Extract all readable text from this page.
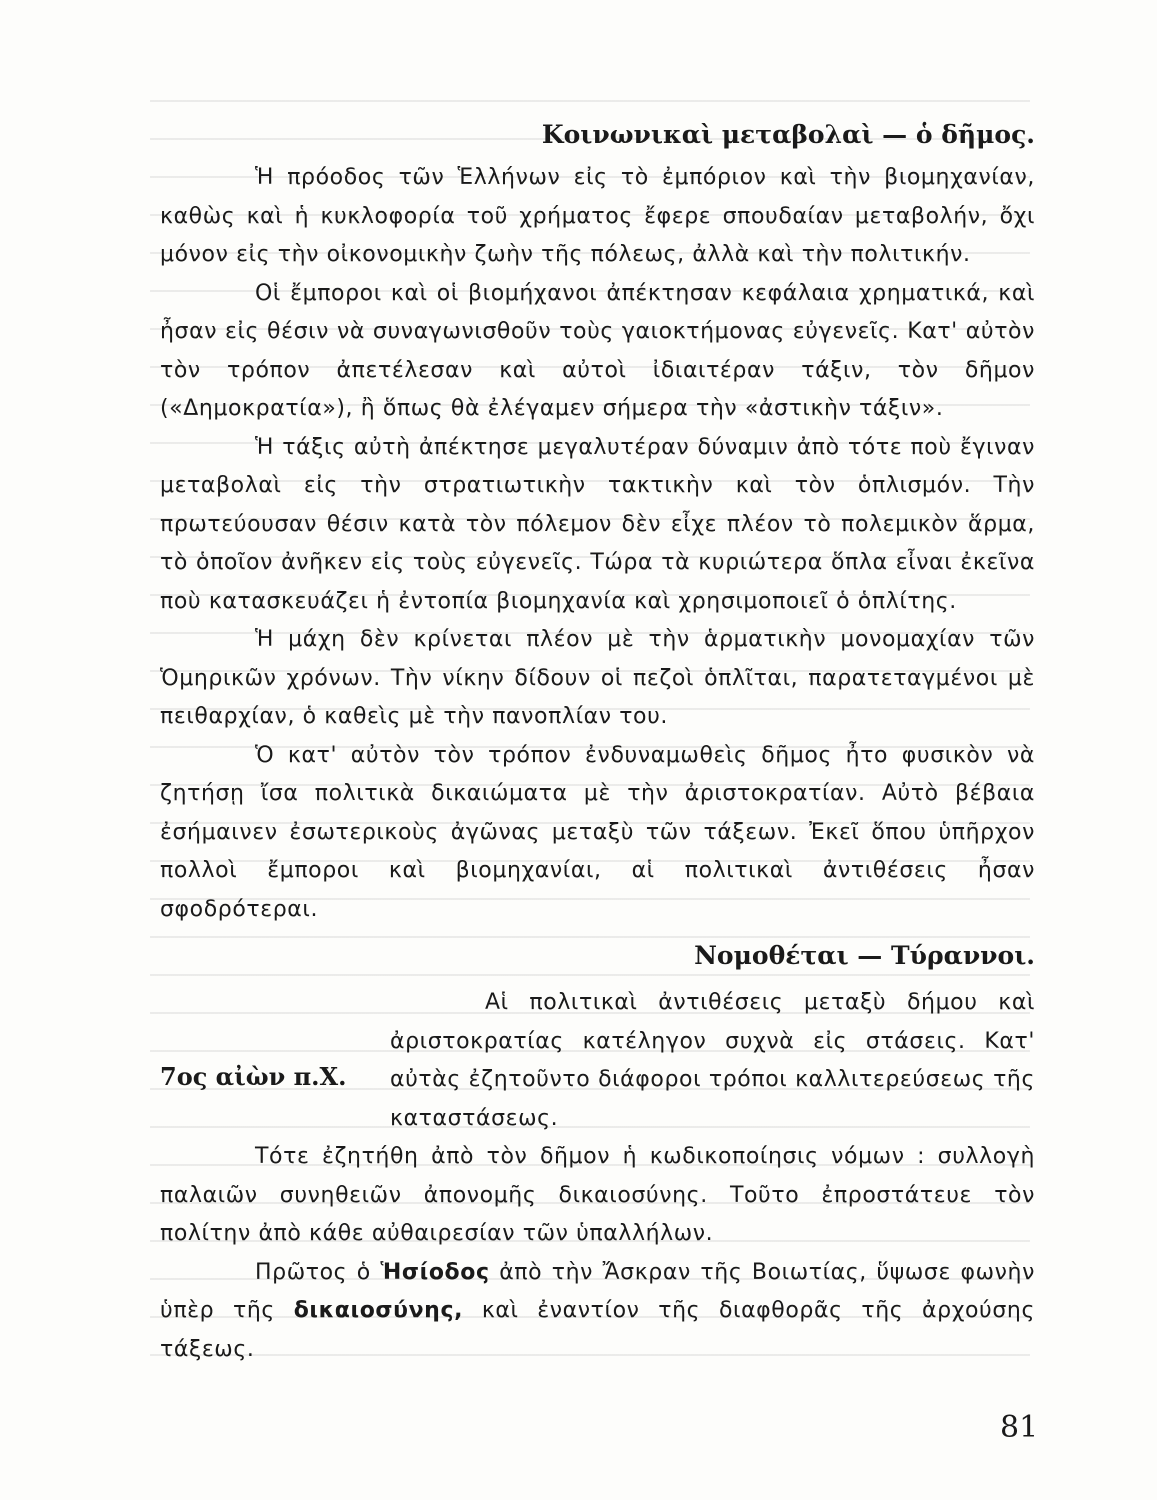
Κοινωνικαὶ μεταβολαὶ — ὁ δῆμος.

Ἡ πρόοδος τῶν Ἑλλήνων εἰς τὸ ἐμπόριον καὶ τὴν βιομηχανίαν, καθὼς καὶ ἡ κυκλοφορία τοῦ χρήματος ἔφερε σπουδαίαν μεταβολήν, ὄχι μόνον εἰς τὴν οἰκονομικὴν ζωὴν τῆς πόλεως, ἀλλὰ καὶ τὴν πολιτικήν.

Οἱ ἔμποροι καὶ οἱ βιομήχανοι ἀπέκτησαν κεφάλαια χρηματικά, καὶ ἦσαν εἰς θέσιν νὰ συναγωνισθοῦν τοὺς γαιοκτήμονας εὐγενεῖς. Κατ' αὐτὸν τὸν τρόπον ἀπετέλεσαν καὶ αὐτοὶ ἰδιαιτέραν τάξιν, τὸν δῆμον («Δημοκρατία»), ἢ ὅπως θὰ ἐλέγαμεν σήμερα τὴν «ἀστικὴν τάξιν».

Ἡ τάξις αὐτὴ ἀπέκτησε μεγαλυτέραν δύναμιν ἀπὸ τότε ποὺ ἔγιναν μεταβολαὶ εἰς τὴν στρατιωτικὴν τακτικὴν καὶ τὸν ὁπλισμόν. Τὴν πρωτεύουσαν θέσιν κατὰ τὸν πόλεμον δὲν εἶχε πλέον τὸ πολεμικὸν ἅρμα, τὸ ὁποῖον ἀνῆκεν εἰς τοὺς εὐγενεῖς. Τώρα τὰ κυριώτερα ὅπλα εἶναι ἐκεῖνα ποὺ κατασκευάζει ἡ ἐντοπία βιομηχανία καὶ χρησιμοποιεῖ ὁ ὁπλίτης.

Ἡ μάχη δὲν κρίνεται πλέον μὲ τὴν ἁρματικὴν μονομαχίαν τῶν Ὁμηρικῶν χρόνων. Τὴν νίκην δίδουν οἱ πεζοὶ ὁπλῖται, παρατεταγμένοι μὲ πειθαρχίαν, ὁ καθεὶς μὲ τὴν πανοπλίαν του.

Ὁ κατ' αὐτὸν τὸν τρόπον ἐνδυναμωθεὶς δῆμος ἦτο φυσικὸν νὰ ζητήσῃ ἴσα πολιτικὰ δικαιώματα μὲ τὴν ἀριστοκρατίαν. Αὐτὸ βέβαια ἐσήμαινεν ἐσωτερικοὺς ἀγῶνας μεταξὺ τῶν τάξεων. Ἐκεῖ ὅπου ὑπῆρχον πολλοὶ ἔμποροι καὶ βιομηχανίαι, αἱ πολιτικαὶ ἀντιθέσεις ἦσαν σφοδρότεραι.

Νομοθέται — Τύραννοι.
7ος αἰὼν π.Χ.

Αἱ πολιτικαὶ ἀντιθέσεις μεταξὺ δήμου καὶ ἀριστοκρατίας κατέληγον συχνὰ εἰς στάσεις. Κατ' αὐτὰς ἐζητοῦντο διάφοροι τρόποι καλλιτερεύσεως τῆς καταστάσεως.

Τότε ἐζητήθη ἀπὸ τὸν δῆμον ἡ κωδικοποίησις νόμων : συλλογὴ παλαιῶν συνηθειῶν ἀπονομῆς δικαιοσύνης. Τοῦτο ἐπροστάτευε τὸν πολίτην ἀπὸ κάθε αὐθαιρεσίαν τῶν ὑπαλλήλων.

Πρῶτος ὁ Ἡσίοδος ἀπὸ τὴν Ἄσκραν τῆς Βοιωτίας, ὕψωσε φωνὴν ὑπὲρ τῆς δικαιοσύνης, καὶ ἐναντίον τῆς διαφθορᾶς τῆς ἀρχούσης τάξεως.

81
